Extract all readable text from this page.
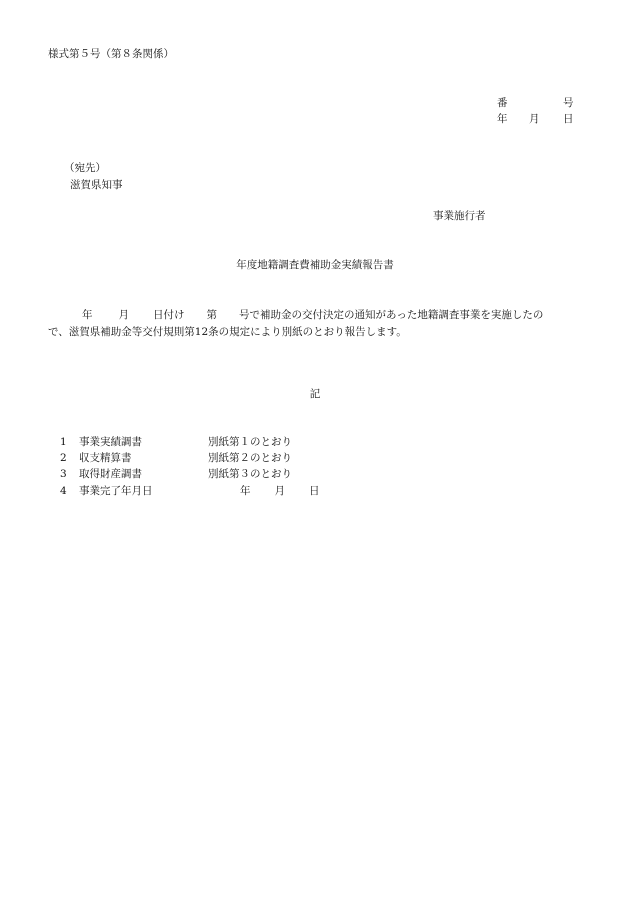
様式第５号（第８条関係）
番	号
年 月 日
（宛先）
滋賀県知事
事業施行者
年度地籍調査費補助金実績報告書
年 月 日付け 第 号で補助金の交付決定の通知があった地籍調査事業を実施したの
で、滋賀県補助金等交付規則第12条の規定により別紙のとおり報告します。
記
1 事業実績調書	別紙第１のとおり
2 収支精算書	別紙第２のとおり
3 取得財産調書	別紙第３のとおり
4 事業完了年月日	年 月 日
